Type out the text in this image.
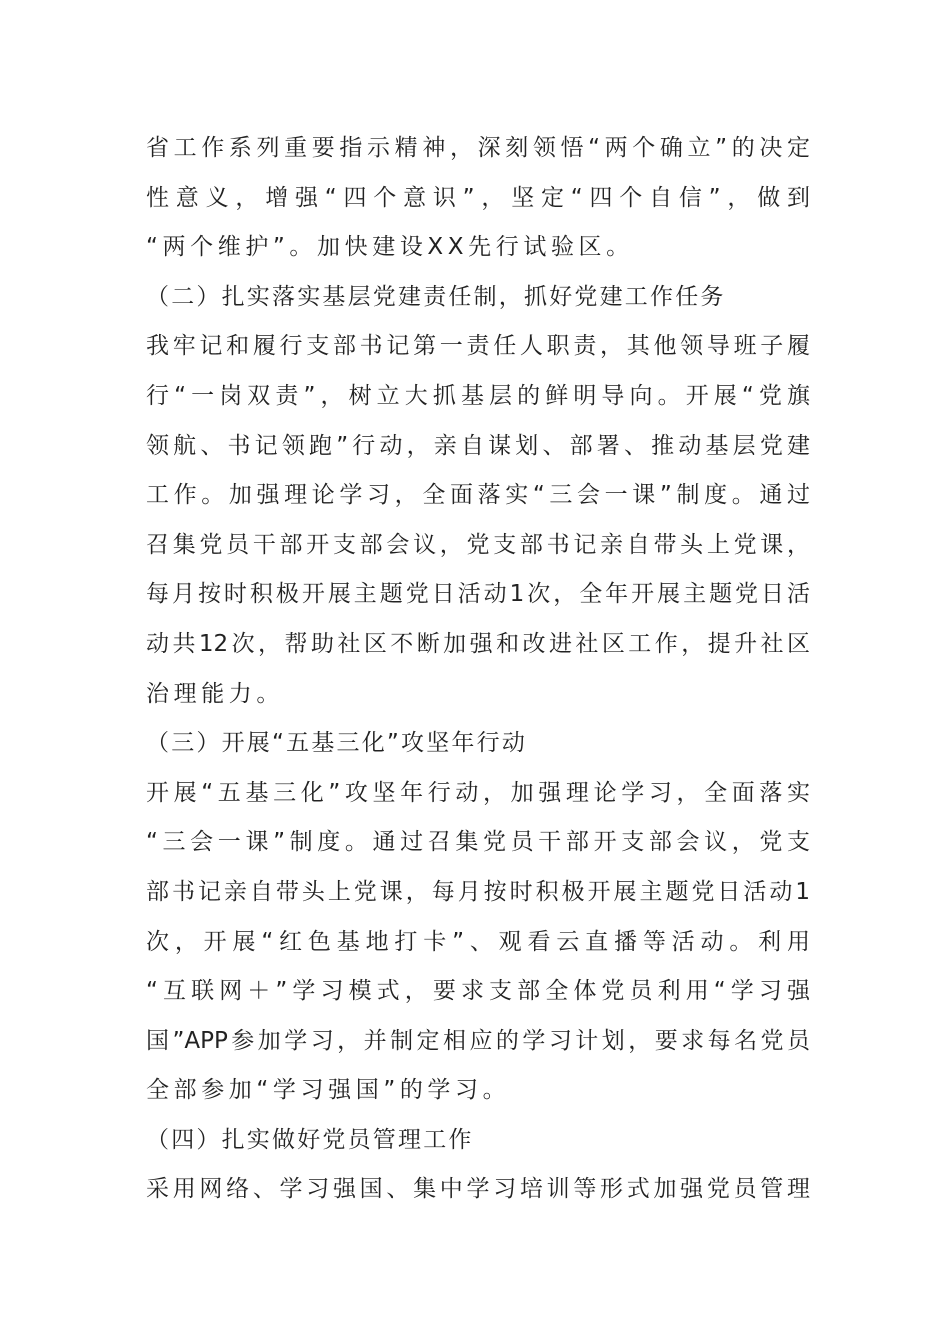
省工作系列重要指示精神，深刻领悟“两个确立”的决定
性意义，增强“四个意识”，坚定“四个自信”，做到
“两个维护”。加快建设XX先行试验区。
（二）扎实落实基层党建责任制，抓好党建工作任务
我牢记和履行支部书记第一责任人职责，其他领导班子履
行“一岗双责”，树立大抓基层的鲜明导向。开展“党旗
领航、书记领跑”行动，亲自谋划、部署、推动基层党建
工作。加强理论学习，全面落实“三会一课”制度。通过
召集党员干部开支部会议，党支部书记亲自带头上党课，
每月按时积极开展主题党日活动1次，全年开展主题党日活
动共12次，帮助社区不断加强和改进社区工作，提升社区
治理能力。
（三）开展“五基三化”攻坚年行动
开展“五基三化”攻坚年行动，加强理论学习，全面落实
“三会一课”制度。通过召集党员干部开支部会议，党支
部书记亲自带头上党课，每月按时积极开展主题党日活动1
次，开展“红色基地打卡”、观看云直播等活动。利用
“互联网＋”学习模式，要求支部全体党员利用“学习强
国”APP参加学习，并制定相应的学习计划，要求每名党员
全部参加“学习强国”的学习。
（四）扎实做好党员管理工作
采用网络、学习强国、集中学习培训等形式加强党员管理
